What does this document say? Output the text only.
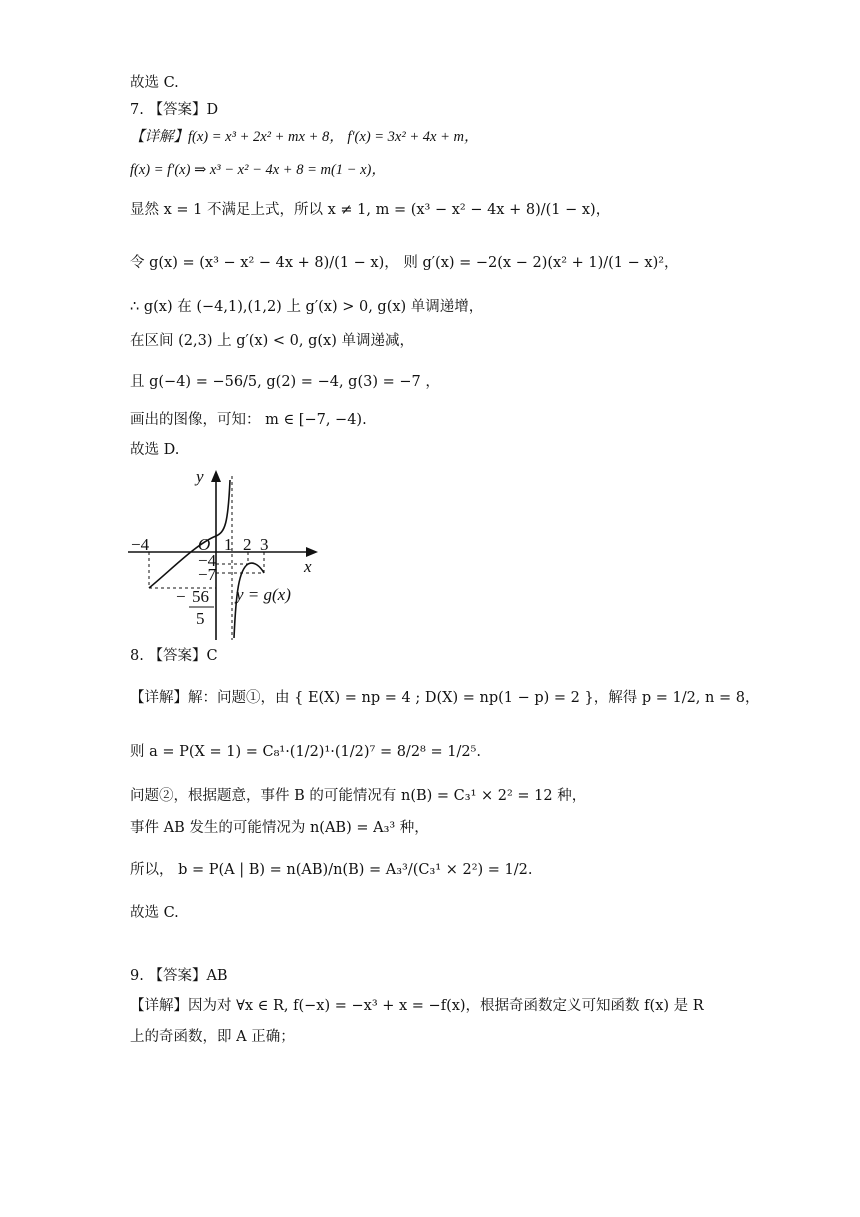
故选 C.
7. 【答案】D
【详解】f(x) = x³ + 2x² + mx + 8， f′(x) = 3x² + 4x + m，
f(x) = f′(x) ⇒ x³ − x² − 4x + 8 = m(1 − x)，
显然 x = 1 不满足上式，所以 x ≠ 1, m = (x³ − x² − 4x + 8)/(1 − x)，
令 g(x) = (x³ − x² − 4x + 8)/(1 − x)， 则 g′(x) = −2(x − 2)(x² + 1)/(1 − x)²，
∴ g(x) 在 (−4,1),(1,2) 上 g′(x) > 0, g(x) 单调递增，
在区间 (2,3) 上 g′(x) < 0, g(x) 单调递减，
且 g(−4) = −56/5, g(2) = −4, g(3) = −7 ，
画出的图像，可知： m ∈ [−7, −4).
故选 D.
y
x
O
−4	1 2 3
−4
−7
− 56
5
y = g(x)
8. 【答案】C
【详解】解：问题①，由 { E(X) = np = 4 ; D(X) = np(1 − p) = 2 }，解得 p = 1/2, n = 8，
则 a = P(X = 1) = C₈¹·(1/2)¹·(1/2)⁷ = 8/2⁸ = 1/2⁵.
问题②，根据题意，事件 B 的可能情况有 n(B) = C₃¹ × 2² = 12 种，
事件 AB 发生的可能情况为 n(AB) = A₃³ 种，
所以， b = P(A | B) = n(AB)/n(B) = A₃³/(C₃¹ × 2²) = 1/2.
故选 C.
9. 【答案】AB
【详解】因为对 ∀x ∈ R, f(−x) = −x³ + x = −f(x)，根据奇函数定义可知函数 f(x) 是 R
上的奇函数，即 A 正确；
